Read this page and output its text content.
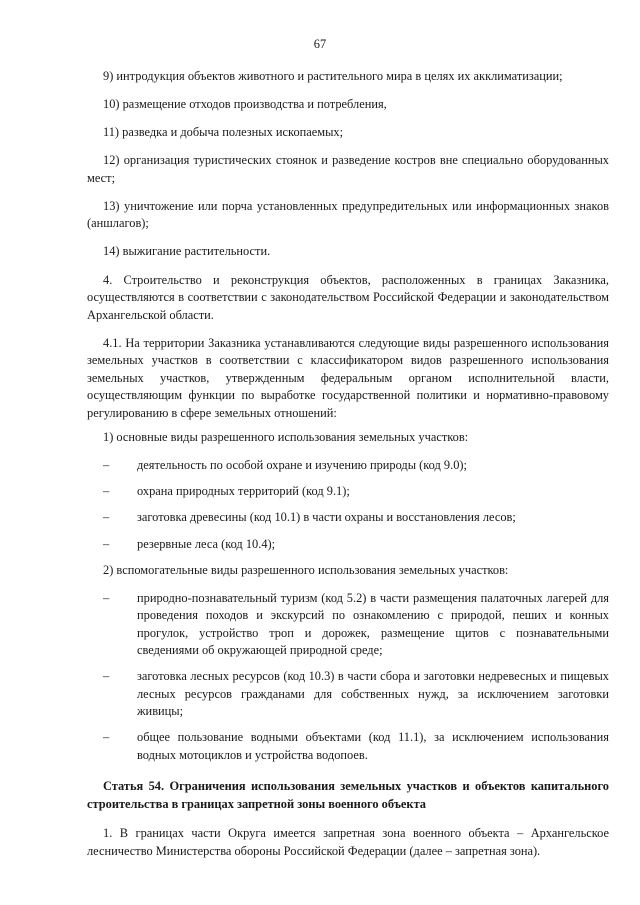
67

9) интродукция объектов животного и растительного мира в целях их акклиматизации;

10) размещение отходов производства и потребления,

11) разведка и добыча полезных ископаемых;

12) организация туристических стоянок и разведение костров вне специально оборудованных мест;

13) уничтожение или порча установленных предупредительных или информационных знаков (аншлагов);

14) выжигание растительности.

4. Строительство и реконструкция объектов, расположенных в границах Заказника, осуществляются в соответствии с законодательством Российской Федерации и законодательством Архангельской области.

4.1. На территории Заказника устанавливаются следующие виды разрешенного использования земельных участков в соответствии с классификатором видов разрешенного использования земельных участков, утвержденным федеральным органом исполнительной власти, осуществляющим функции по выработке государственной политики и нормативно-правовому регулированию в сфере земельных отношений:

1) основные виды разрешенного использования земельных участков:

– деятельность по особой охране и изучению природы (код 9.0);
– охрана природных территорий (код 9.1);
– заготовка древесины (код 10.1) в части охраны и восстановления лесов;
– резервные леса (код 10.4);

2) вспомогательные виды разрешенного использования земельных участков:

– природно-познавательный туризм (код 5.2) в части размещения палаточных лагерей для проведения походов и экскурсий по ознакомлению с природой, пеших и конных прогулок, устройство троп и дорожек, размещение щитов с познавательными сведениями об окружающей природной среде;
– заготовка лесных ресурсов (код 10.3) в части сбора и заготовки недревесных и пищевых лесных ресурсов гражданами для собственных нужд, за исключением заготовки живицы;
– общее пользование водными объектами (код 11.1), за исключением использования водных мотоциклов и устройства водопоев.

Статья 54. Ограничения использования земельных участков и объектов капитального строительства в границах запретной зоны военного объекта

1. В границах части Округа имеется запретная зона военного объекта – Архангельское лесничество Министерства обороны Российской Федерации (далее – запретная зона).
